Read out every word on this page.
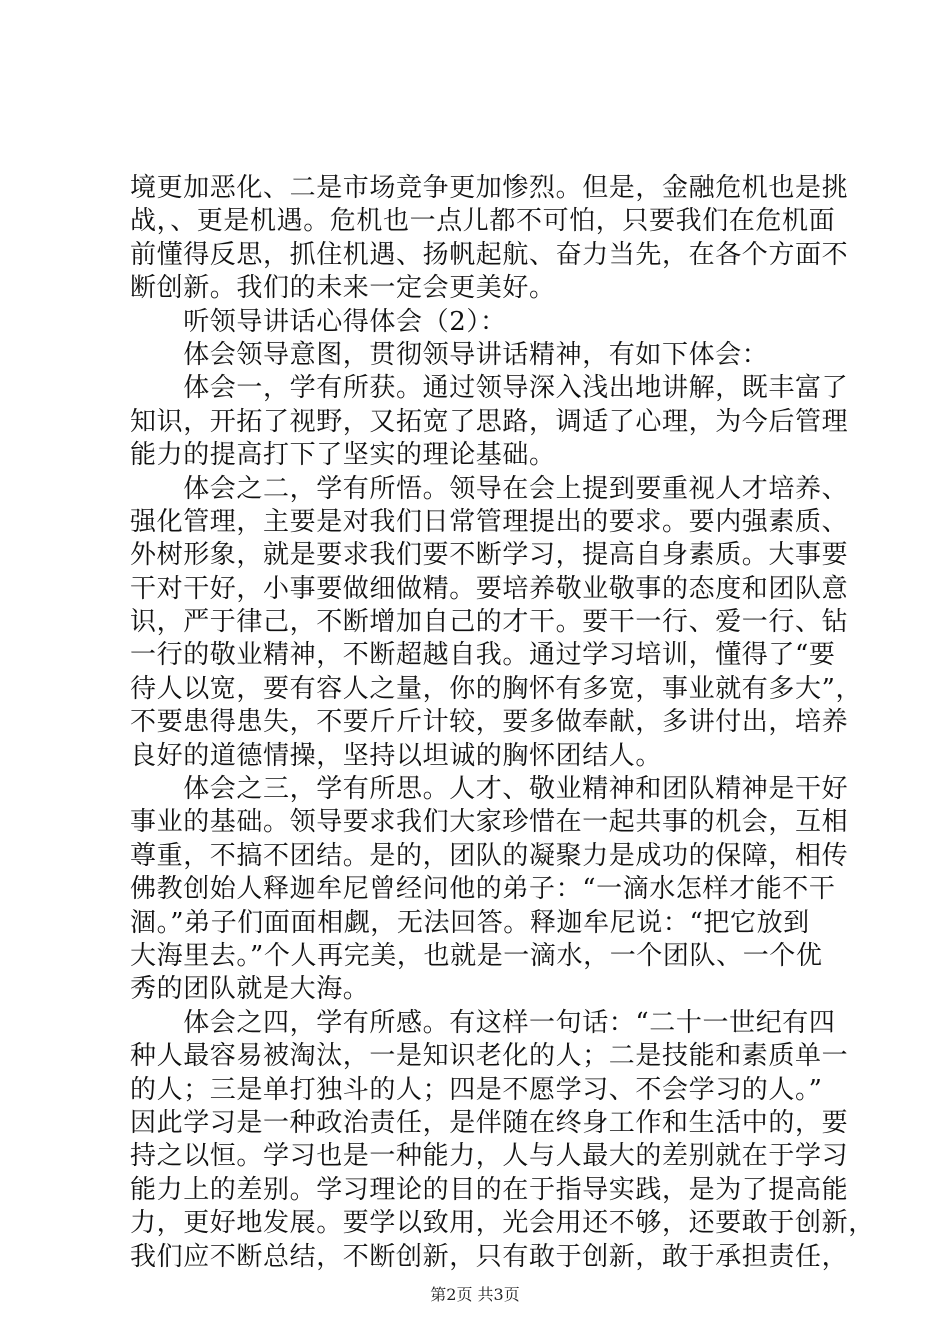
境更加恶化、二是市场竞争更加惨烈。但是，金融危机也是挑
战，、更是机遇。危机也一点儿都不可怕，只要我们在危机面
前懂得反思，抓住机遇、扬帆起航、奋力当先，在各个方面不
断创新。我们的未来一定会更美好。
　　听领导讲话心得体会（2）：
　　体会领导意图，贯彻领导讲话精神，有如下体会：
　　体会一，学有所获。通过领导深入浅出地讲解，既丰富了
知识，开拓了视野，又拓宽了思路，调适了心理，为今后管理
能力的提高打下了坚实的理论基础。
　　体会之二，学有所悟。领导在会上提到要重视人才培养、
强化管理，主要是对我们日常管理提出的要求。要内强素质、
外树形象，就是要求我们要不断学习，提高自身素质。大事要
干对干好，小事要做细做精。要培养敬业敬事的态度和团队意
识，严于律己，不断增加自己的才干。要干一行、爱一行、钻
一行的敬业精神，不断超越自我。通过学习培训，懂得了“要
待人以宽，要有容人之量，你的胸怀有多宽，事业就有多大”，
不要患得患失，不要斤斤计较，要多做奉献，多讲付出，培养
良好的道德情操，坚持以坦诚的胸怀团结人。
　　体会之三，学有所思。人才、敬业精神和团队精神是干好
事业的基础。领导要求我们大家珍惜在一起共事的机会，互相
尊重，不搞不团结。是的，团队的凝聚力是成功的保障，相传
佛教创始人释迦牟尼曾经问他的弟子：“一滴水怎样才能不干
涸。”弟子们面面相觑，无法回答。释迦牟尼说：“把它放到
大海里去。”个人再完美，也就是一滴水，一个团队、一个优
秀的团队就是大海。
　　体会之四，学有所感。有这样一句话：“二十一世纪有四
种人最容易被淘汰，一是知识老化的人；二是技能和素质单一
的人；三是单打独斗的人；四是不愿学习、不会学习的人。”
因此学习是一种政治责任，是伴随在终身工作和生活中的，要
持之以恒。学习也是一种能力，人与人最大的差别就在于学习
能力上的差别。学习理论的目的在于指导实践，是为了提高能
力，更好地发展。要学以致用，光会用还不够，还要敢于创新，
我们应不断总结，不断创新，只有敢于创新，敢于承担责任，
第2页 共3页
